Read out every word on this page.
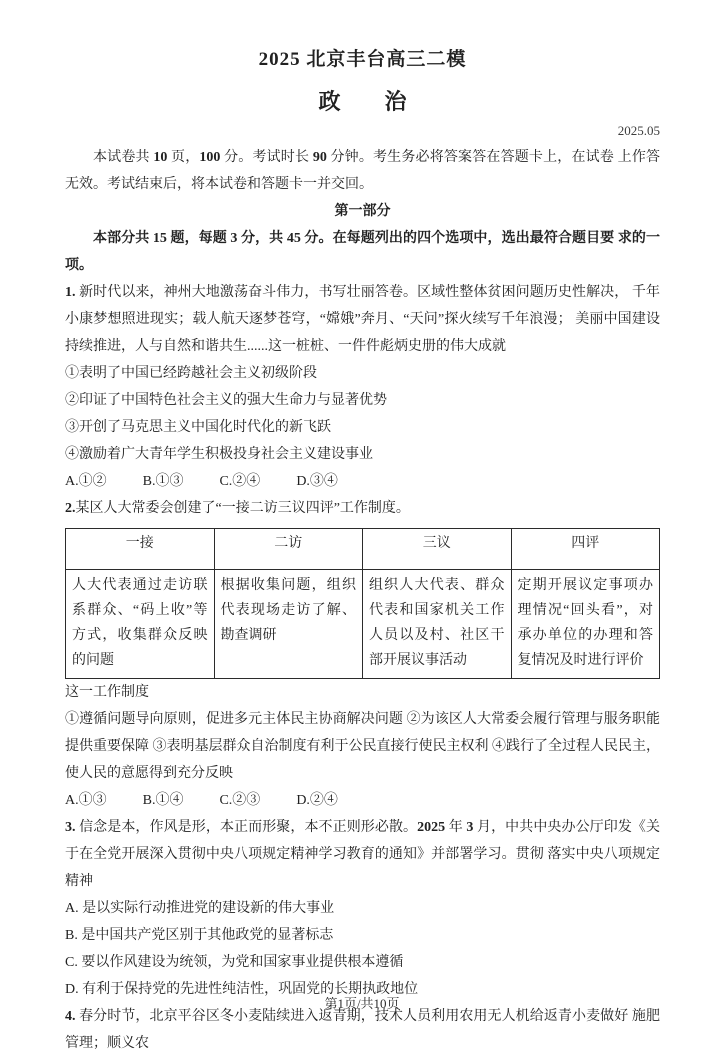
2025 北京丰台高三二模
政　　治
2025.05

本试卷共 10 页，100 分。考试时长 90 分钟。考生务必将答案答在答题卡上，在试卷 上作答无效。考试结束后，将本试卷和答题卡一并交回。

第一部分

本部分共 15 题，每题 3 分，共 45 分。在每题列出的四个选项中，选出最符合题目要 求的一项。

1. 新时代以来，神州大地激荡奋斗伟力，书写壮丽答卷。区域性整体贫困问题历史性解决， 千年小康梦想照进现实；载人航天逐梦苍穹，“嫦娥”奔月、“天问”探火续写千年浪漫； 美丽中国建设持续推进，人与自然和谐共生......这一桩桩、一件件彪炳史册的伟大成就

①表明了中国已经跨越社会主义初级阶段

②印证了中国特色社会主义的强大生命力与显著优势

③开创了马克思主义中国化时代化的新飞跃

④激励着广大青年学生积极投身社会主义建设事业

A.①②	B.①③	C.②④	D.③④

2.某区人大常委会创建了“一接二访三议四评”工作制度。

一接	二访	三议	四评
人大代表通过走访联 系群众、“码上收”等 方式，收集群众反映 的问题	根据收集问题，组织 代表现场走访了解、 勘查调研	组织人大代表、群众 代表和国家机关工作 人员以及村、社区干 部开展议事活动	定期开展议定事项办 理情况“回头看”，对 承办单位的办理和答 复情况及时进行评价

这一工作制度

①遵循问题导向原则，促进多元主体民主协商解决问题 ②为该区人大常委会履行管理与服务职能提供重要保障 ③表明基层群众自治制度有利于公民直接行使民主权利 ④践行了全过程人民民主，使人民的意愿得到充分反映

A.①③	B.①④	C.②③	D.②④

3. 信念是本，作风是形，本正而形聚，本不正则形必散。2025 年 3 月，中共中央办公厅印发《关于在全党开展深入贯彻中央八项规定精神学习教育的通知》并部署学习。贯彻 落实中央八项规定精神

A. 是以实际行动推进党的建设新的伟大事业

B. 是中国共产党区别于其他政党的显著标志

C. 要以作风建设为统领，为党和国家事业提供根本遵循

D. 有利于保持党的先进性纯洁性，巩固党的长期执政地位

4. 春分时节，北京平谷区冬小麦陆续进入返青期，技术人员利用农用无人机给返青小麦做好 施肥管理；顺义农

第1页/共10页
